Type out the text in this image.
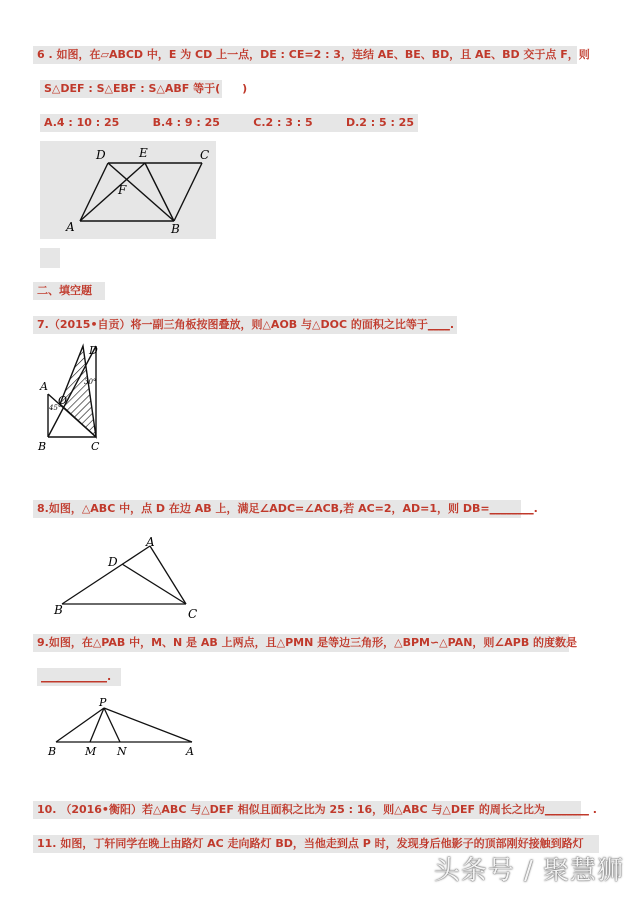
6 . 如图，在▱ABCD 中，E 为 CD 上一点，DE : CE=2 : 3，连结 AE、BE、BD，且 AE、BD 交于点 F，则
S△DEF : S△EBF : S△ABF 等于(　　)
A.4 : 10 : 25	B.4 : 9 : 25	C.2 : 3 : 5	D.2 : 5 : 25
D	E	C
F
A	B
二、填空题
7.（2015•自贡）将一副三角板按图叠放，则△AOB 与△DOC 的面积之比等于____.
D
30°
A
O
45°
B	C
8.如图，△ABC 中，点 D 在边 AB 上，满足∠ADC=∠ACB,若 AC=2，AD=1，则 DB=________.
A
D
B	C
9.如图，在△PAB 中，M、N 是 AB 上两点，且△PMN 是等边三角形，△BPM∽△PAN，则∠APB 的度数是
____________.
P
B	M N	A
10. （2016•衡阳）若△ABC 与△DEF 相似且面积之比为 25 : 16，则△ABC 与△DEF 的周长之比为________ .
11. 如图，丁轩同学在晚上由路灯 AC 走向路灯 BD，当他走到点 P 时，发现身后他影子的顶部刚好接触到路灯
头条号 / 聚慧狮
